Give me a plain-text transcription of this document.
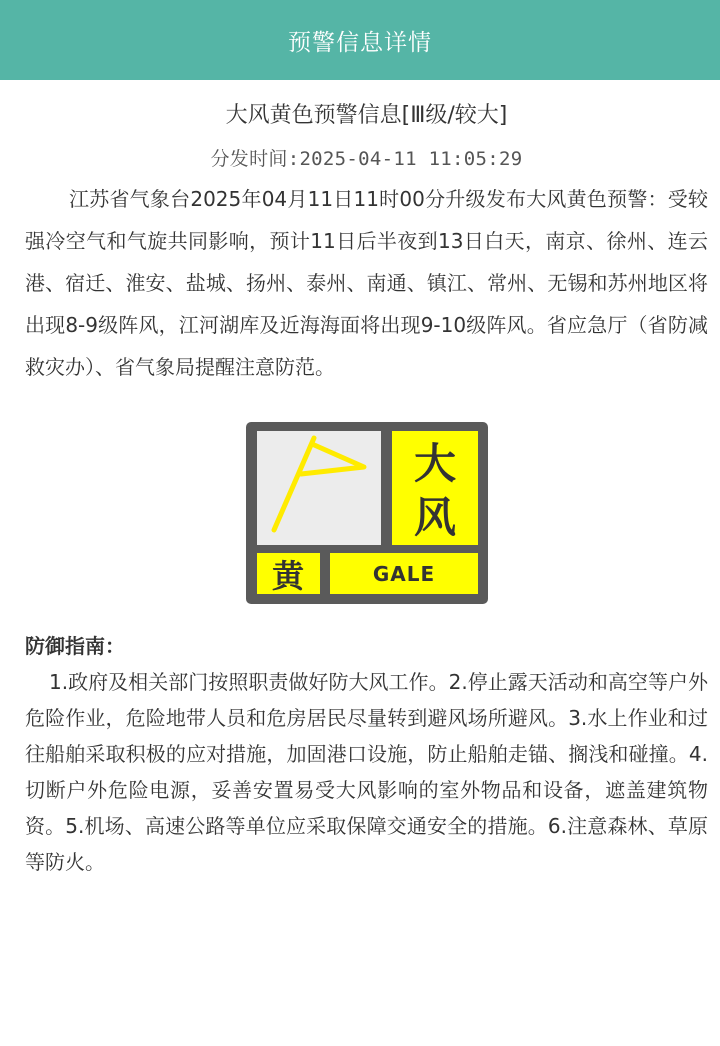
预警信息详情
大风黄色预警信息[Ⅲ级/较大]
分发时间:2025-04-11 11:05:29
江苏省气象台2025年04月11日11时00分升级发布大风黄色预警：受较强冷空气和气旋共同影响，预计11日后半夜到13日白天，南京、徐州、连云港、宿迁、淮安、盐城、扬州、泰州、南通、镇江、常州、无锡和苏州地区将出现8-9级阵风，江河湖库及近海海面将出现9-10级阵风。省应急厅（省防减救灾办）、省气象局提醒注意防范。
大
风
黄	GALE
防御指南：
1.政府及相关部门按照职责做好防大风工作。2.停止露天活动和高空等户外危险作业，危险地带人员和危房居民尽量转到避风场所避风。3.水上作业和过往船舶采取积极的应对措施，加固港口设施，防止船舶走锚、搁浅和碰撞。4.切断户外危险电源，妥善安置易受大风影响的室外物品和设备，遮盖建筑物资。5.机场、高速公路等单位应采取保障交通安全的措施。6.注意森林、草原等防火。
